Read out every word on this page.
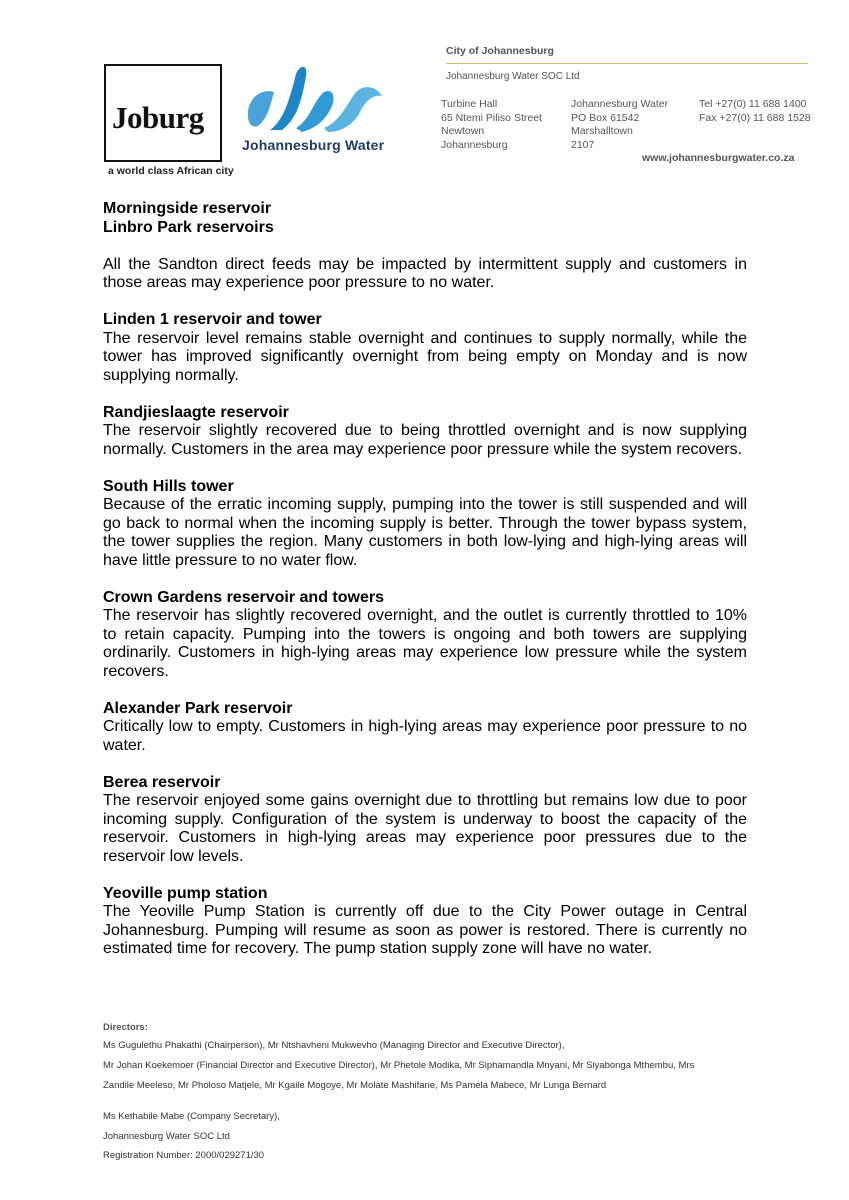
Joburg
a world class African city
Johannesburg Water
City of Johannesburg
Johannesburg Water SOC Ltd
Turbine Hall
65 Ntemi Piliso Street
Newtown
Johannesburg
Johannesburg Water
PO Box 61542
Marshalltown
2107
Tel +27(0) 11 688 1400
Fax +27(0) 11 688 1528
www.johannesburgwater.co.za
Morningside reservoir
Linbro Park reservoirs

All the Sandton direct feeds may be impacted by intermittent supply and customers in those areas may experience poor pressure to no water.

Linden 1 reservoir and tower

The reservoir level remains stable overnight and continues to supply normally, while the tower has improved significantly overnight from being empty on Monday and is now supplying normally.

Randjieslaagte reservoir

The reservoir slightly recovered due to being throttled overnight and is now supplying normally. Customers in the area may experience poor pressure while the system recovers.

South Hills tower

Because of the erratic incoming supply, pumping into the tower is still suspended and will go back to normal when the incoming supply is better. Through the tower bypass system, the tower supplies the region. Many customers in both low-lying and high-lying areas will have little pressure to no water flow.

Crown Gardens reservoir and towers

The reservoir has slightly recovered overnight, and the outlet is currently throttled to 10% to retain capacity. Pumping into the towers is ongoing and both towers are supplying ordinarily. Customers in high-lying areas may experience low pressure while the system recovers.

Alexander Park reservoir

Critically low to empty. Customers in high-lying areas may experience poor pressure to no water.

Berea reservoir

The reservoir enjoyed some gains overnight due to throttling but remains low due to poor incoming supply. Configuration of the system is underway to boost the capacity of the reservoir. Customers in high-lying areas may experience poor pressures due to the reservoir low levels.

Yeoville pump station

The Yeoville Pump Station is currently off due to the City Power outage in Central Johannesburg. Pumping will resume as soon as power is restored. There is currently no estimated time for recovery. The pump station supply zone will have no water.

Directors:
Ms Gugulethu Phakathi (Chairperson), Mr Ntshavheni Mukwevho (Managing Director and Executive Director),
Mr Johan Koekemoer (Financial Director and Executive Director), Mr Phetole Modika, Mr Siphamandla Mnyani, Mr Siyabonga Mthembu, Mrs
Zandile Meeleso, Mr Pholoso Matjele, Mr Kgaile Mogoye, Mr Molate Mashifane, Ms Pamela Mabece, Mr Lunga Bernard
Ms Kethabile Mabe (Company Secretary),
Johannesburg Water SOC Ltd
Registration Number: 2000/029271/30
